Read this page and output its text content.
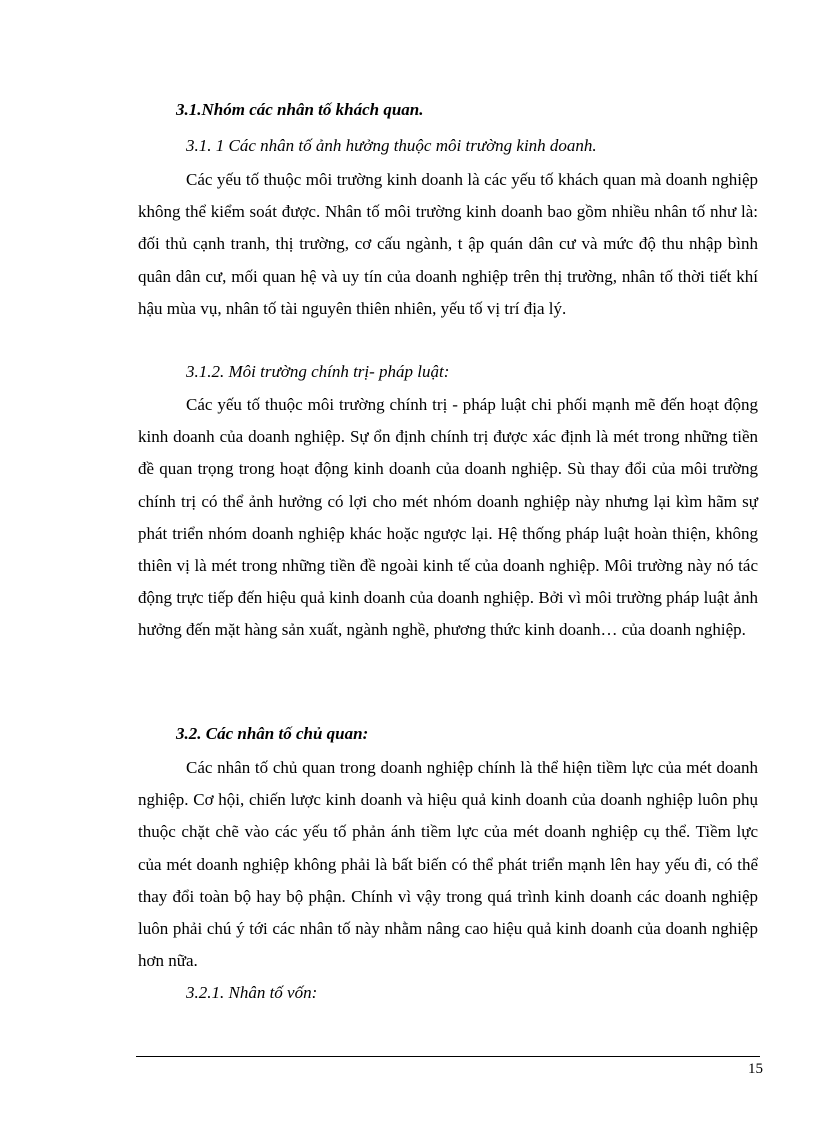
3.1.Nhóm các nhân tố khách quan.
3.1. 1 Các nhân tố ảnh hưởng thuộc môi trường kinh doanh.

Các yếu tố thuộc môi trường kinh doanh là các yếu tố khách quan mà doanh nghiệp không thể kiểm soát được. Nhân tố môi trường kinh doanh bao gồm nhiều nhân tố như là: đối thủ cạnh tranh, thị trường, cơ cấu ngành, t ập quán dân cư và mức độ thu nhập bình quân dân cư, mối quan hệ và uy tín của doanh nghiệp trên thị trường, nhân tố thời tiết khí hậu mùa vụ, nhân tố tài nguyên thiên nhiên, yếu tố vị trí địa lý.

3.1.2. Môi trường chính trị- pháp luật:

Các yếu tố thuộc môi trường chính trị - pháp luật chi phối mạnh mẽ đến hoạt động kinh doanh của doanh nghiệp. Sự ổn định chính trị được xác định là mét trong những tiền đề quan trọng trong hoạt động kinh doanh của doanh nghiệp. Sù thay đổi của môi trường chính trị có thể ảnh hưởng có lợi cho mét nhóm doanh nghiệp này nhưng lại kìm hãm sự phát triển nhóm doanh nghiệp khác hoặc ngược lại. Hệ thống pháp luật hoàn thiện, không thiên vị là mét trong những tiền đề ngoài kinh tế của doanh nghiệp. Môi trường này nó tác động trực tiếp đến hiệu quả kinh doanh của doanh nghiệp. Bởi vì môi trường pháp luật ảnh hưởng đến mặt hàng sản xuất, ngành nghề, phương thức kinh doanh… của doanh nghiệp.

3.2. Các nhân tố chủ quan:

Các nhân tố chủ quan trong doanh nghiệp chính là thể hiện tiềm lực của mét doanh nghiệp. Cơ hội, chiến lược kinh doanh và hiệu quả kinh doanh của doanh nghiệp luôn phụ thuộc chặt chẽ vào các yếu tố phản ánh tiềm lực của mét doanh nghiệp cụ thể. Tiềm lực của mét doanh nghiệp không phải là bất biến có thể phát triển mạnh lên hay yếu đi, có thể thay đổi toàn bộ hay bộ phận. Chính vì vậy trong quá trình kinh doanh các doanh nghiệp luôn phải chú ý tới các nhân tố này nhằm nâng cao hiệu quả kinh doanh của doanh nghiệp hơn nữa.

3.2.1. Nhân tố vốn:
15
